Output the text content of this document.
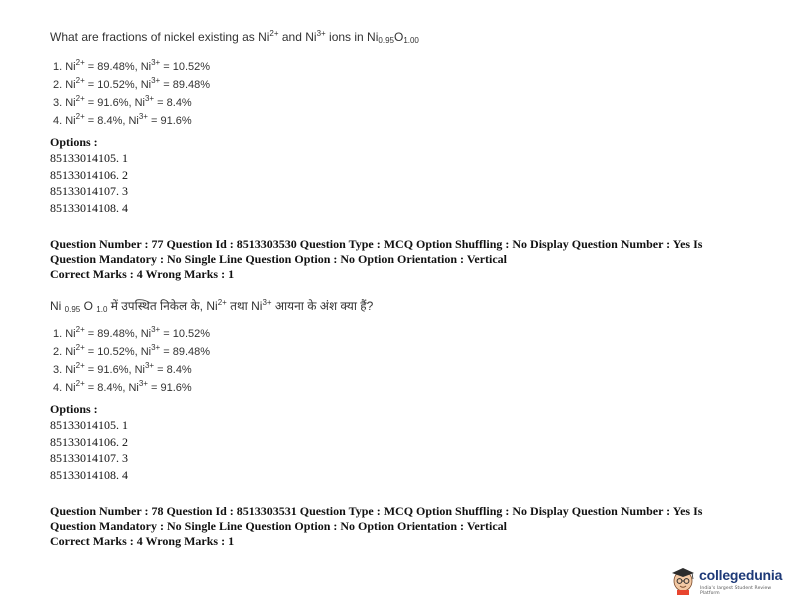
What are fractions of nickel existing as $Ni^{2+}$ and $Ni^{3+}$ ions in $Ni_{0.95}O_{1.00}$
1. $Ni^{2+} = 89.48\%$, $Ni^{3+} = 10.52\%$
2. $Ni^{2+} = 10.52\%$, $Ni^{3+} = 89.48\%$
3. $Ni^{2+} = 91.6\%$, $Ni^{3+} = 8.4\%$
4. $Ni^{2+} = 8.4\%$, $Ni^{3+} = 91.6\%$
Options :
85133014105. 1
85133014106. 2
85133014107. 3
85133014108. 4
Question Number : 77 Question Id : 8513303530 Question Type : MCQ Option Shuffling : No Display Question Number : Yes Is
Question Mandatory : No Single Line Question Option : No Option Orientation : Vertical
Correct Marks : 4 Wrong Marks : 1
Ni $_{0.95}$ O $_{1.0}$ में उपस्थित निकेल के, $Ni^{2+}$ तथा $Ni^{3+}$ आयना के अंश क्या हैं?
1. $Ni^{2+} = 89.48\%$, $Ni^{3+} = 10.52\%$
2. $Ni^{2+} = 10.52\%$, $Ni^{3+} = 89.48\%$
3. $Ni^{2+} = 91.6\%$, $Ni^{3+} = 8.4\%$
4. $Ni^{2+} = 8.4\%$, $Ni^{3+} = 91.6\%$
Options :
85133014105. 1
85133014106. 2
85133014107. 3
85133014108. 4
Question Number : 78 Question Id : 8513303531 Question Type : MCQ Option Shuffling : No Display Question Number : Yes Is
Question Mandatory : No Single Line Question Option : No Option Orientation : Vertical
Correct Marks : 4 Wrong Marks : 1
collegedunia
India's largest Student Review Platform
